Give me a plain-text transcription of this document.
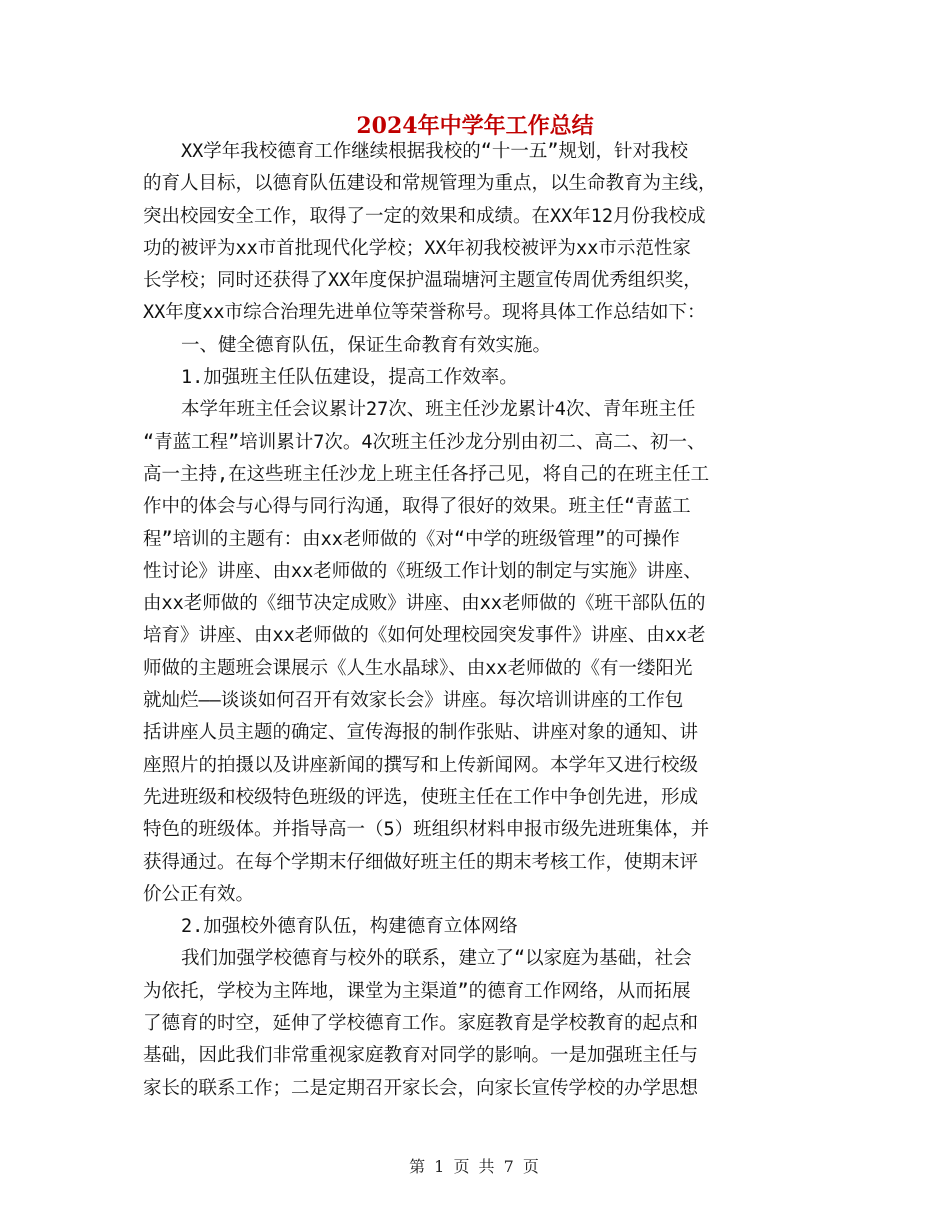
2024年中学年工作总结
XX学年我校德育工作继续根据我校的“十一五”规划，针对我校
的育人目标，以德育队伍建设和常规管理为重点，以生命教育为主线，
突出校园安全工作，取得了一定的效果和成绩。在XX年12月份我校成
功的被评为xx市首批现代化学校；XX年初我校被评为xx市示范性家
长学校；同时还获得了XX年度保护温瑞塘河主题宣传周优秀组织奖，
XX年度xx市综合治理先进单位等荣誉称号。现将具体工作总结如下：
一、健全德育队伍，保证生命教育有效实施。
1.加强班主任队伍建设，提高工作效率。
本学年班主任会议累计27次、班主任沙龙累计4次、青年班主任
“青蓝工程”培训累计7次。4次班主任沙龙分别由初二、高二、初一、
高一主持,在这些班主任沙龙上班主任各抒己见，将自己的在班主任工
作中的体会与心得与同行沟通，取得了很好的效果。班主任“青蓝工
程”培训的主题有：由xx老师做的《对“中学的班级管理”的可操作
性讨论》讲座、由xx老师做的《班级工作计划的制定与实施》讲座、
由xx老师做的《细节决定成败》讲座、由xx老师做的《班干部队伍的
培育》讲座、由xx老师做的《如何处理校园突发事件》讲座、由xx老
师做的主题班会课展示《人生水晶球》、由xx老师做的《有一缕阳光
就灿烂——谈谈如何召开有效家长会》讲座。每次培训讲座的工作包
括讲座人员主题的确定、宣传海报的制作张贴、讲座对象的通知、讲
座照片的拍摄以及讲座新闻的撰写和上传新闻网。本学年又进行校级
先进班级和校级特色班级的评选，使班主任在工作中争创先进，形成
特色的班级体。并指导高一（5）班组织材料申报市级先进班集体，并
获得通过。在每个学期末仔细做好班主任的期末考核工作，使期末评
价公正有效。
2.加强校外德育队伍，构建德育立体网络
我们加强学校德育与校外的联系，建立了“以家庭为基础，社会
为依托，学校为主阵地，课堂为主渠道”的德育工作网络，从而拓展
了德育的时空，延伸了学校德育工作。家庭教育是学校教育的起点和
基础，因此我们非常重视家庭教育对同学的影响。一是加强班主任与
家长的联系工作；二是定期召开家长会，向家长宣传学校的办学思想
第 1 页 共 7 页
